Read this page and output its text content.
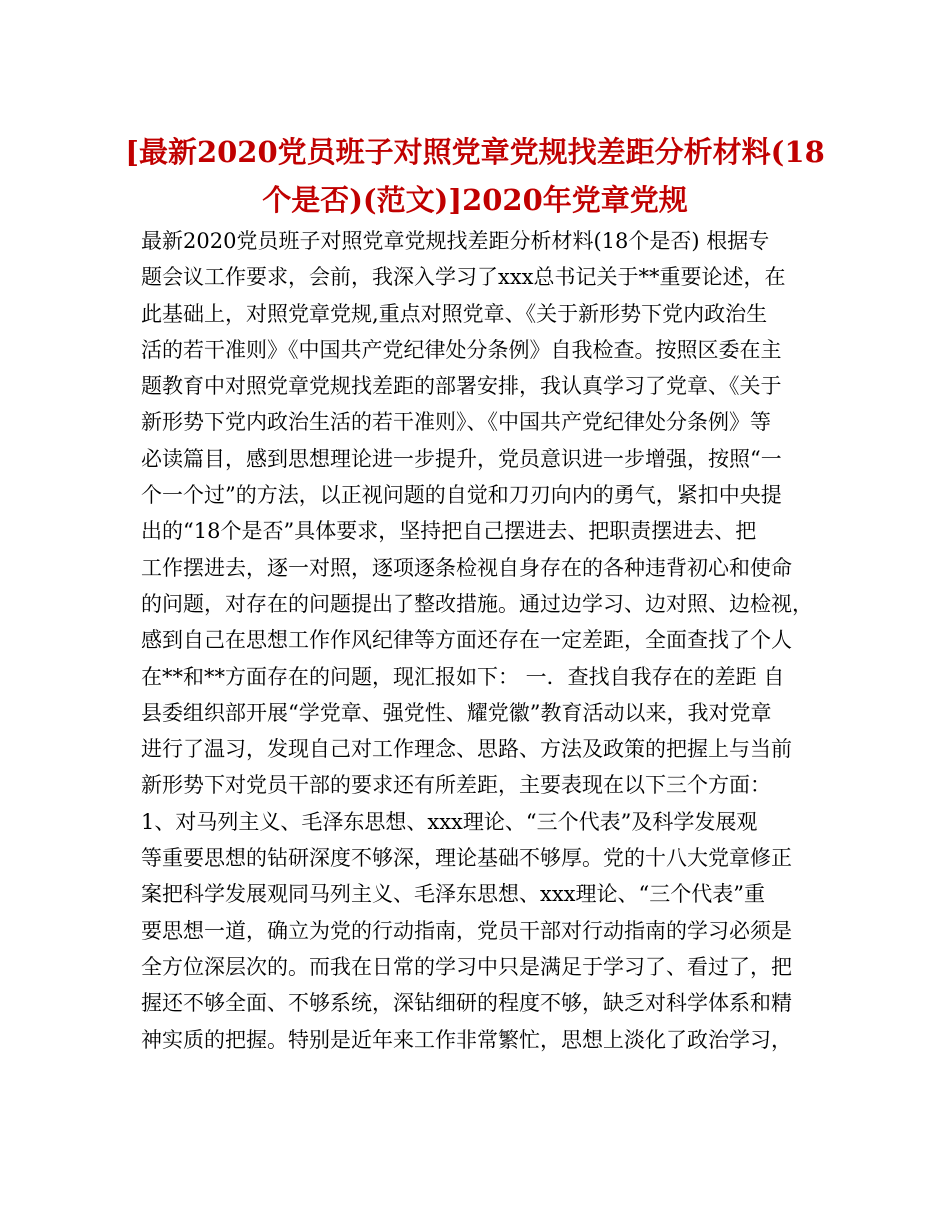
[最新2020党员班子对照党章党规找差距分析材料(18
个是否)(范文)]2020年党章党规
最新2020党员班子对照党章党规找差距分析材料(18个是否) 根据专
题会议工作要求，会前，我深入学习了xxx总书记关于**重要论述，在
此基础上，对照党章党规,重点对照党章、《关于新形势下党内政治生
活的若干准则》《中国共产党纪律处分条例》自我检查。按照区委在主
题教育中对照党章党规找差距的部署安排，我认真学习了党章、《关于
新形势下党内政治生活的若干准则》、《中国共产党纪律处分条例》等
必读篇目，感到思想理论进一步提升，党员意识进一步增强，按照“一
个一个过”的方法，以正视问题的自觉和刀刃向内的勇气，紧扣中央提
出的“18个是否”具体要求，坚持把自己摆进去、把职责摆进去、把
工作摆进去，逐一对照，逐项逐条检视自身存在的各种违背初心和使命
的问题，对存在的问题提出了整改措施。通过边学习、边对照、边检视，
感到自己在思想工作作风纪律等方面还存在一定差距，全面查找了个人
在**和**方面存在的问题，现汇报如下： 一．查找自我存在的差距 自
县委组织部开展“学党章、强党性、耀党徽”教育活动以来，我对党章
进行了温习，发现自己对工作理念、思路、方法及政策的把握上与当前
新形势下对党员干部的要求还有所差距，主要表现在以下三个方面：
1、对马列主义、毛泽东思想、xxx理论、“三个代表”及科学发展观
等重要思想的钻研深度不够深，理论基础不够厚。党的十八大党章修正
案把科学发展观同马列主义、毛泽东思想、xxx理论、“三个代表”重
要思想一道，确立为党的行动指南，党员干部对行动指南的学习必须是
全方位深层次的。而我在日常的学习中只是满足于学习了、看过了，把
握还不够全面、不够系统，深钻细研的程度不够，缺乏对科学体系和精
神实质的把握。特别是近年来工作非常繁忙，思想上淡化了政治学习，
